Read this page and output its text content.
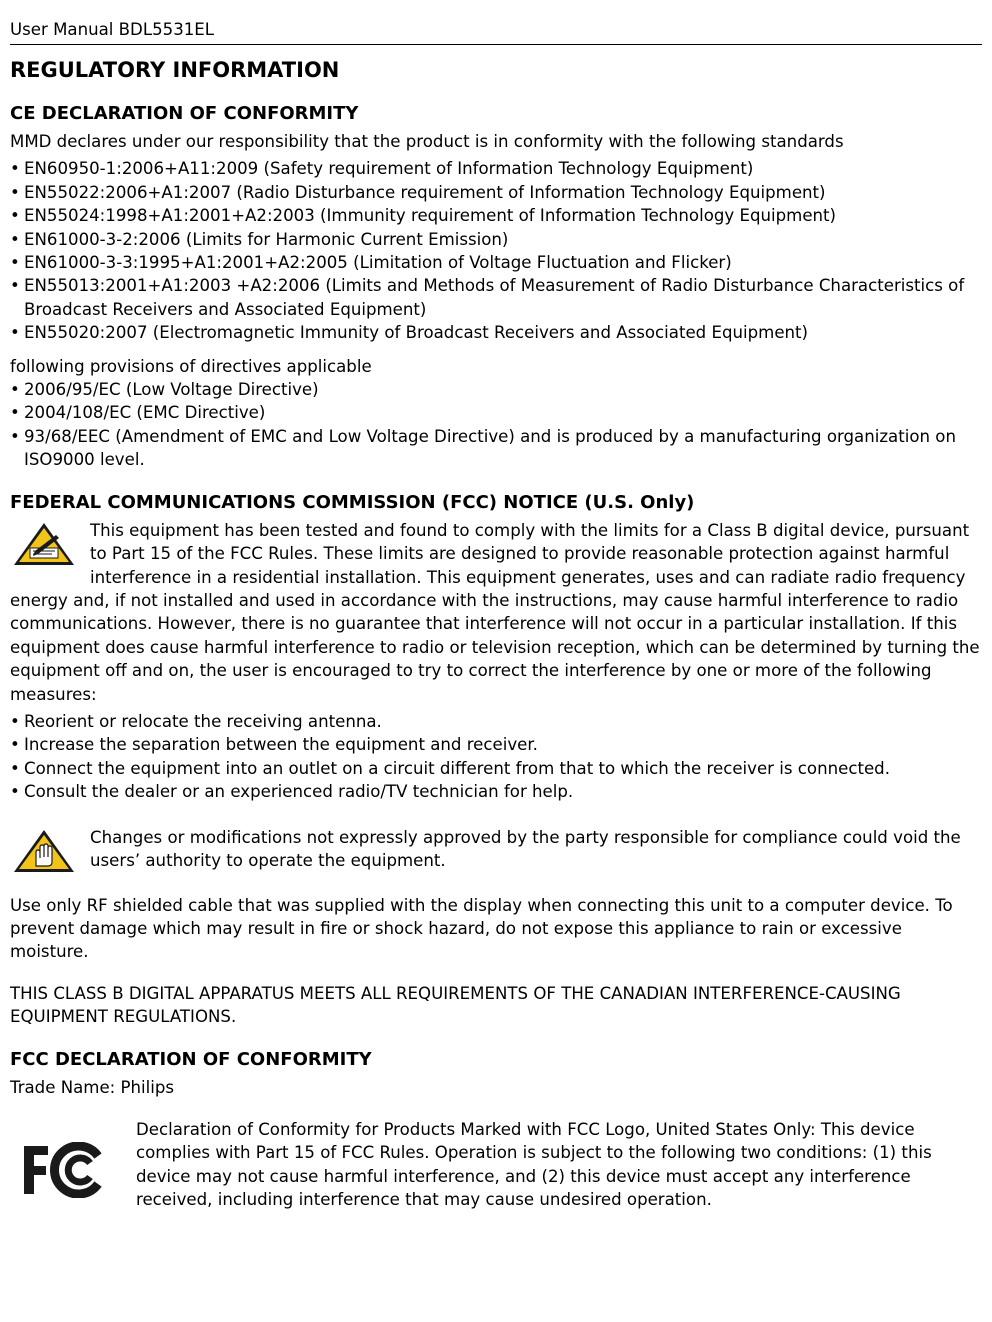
User Manual BDL5531EL
REGULATORY INFORMATION
CE DECLARATION OF CONFORMITY

MMD declares under our responsibility that the product is in conformity with the following standards

• EN60950-1:2006+A11:2009 (Safety requirement of Information Technology Equipment)
• EN55022:2006+A1:2007 (Radio Disturbance requirement of Information Technology Equipment)
• EN55024:1998+A1:2001+A2:2003 (Immunity requirement of Information Technology Equipment)
• EN61000-3-2:2006 (Limits for Harmonic Current Emission)
• EN61000-3-3:1995+A1:2001+A2:2005 (Limitation of Voltage Fluctuation and Flicker)
• EN55013:2001+A1:2003 +A2:2006 (Limits and Methods of Measurement of Radio Disturbance Characteristics of Broadcast Receivers and Associated Equipment)
• EN55020:2007 (Electromagnetic Immunity of Broadcast Receivers and Associated Equipment)

following provisions of directives applicable

• 2006/95/EC (Low Voltage Directive)
• 2004/108/EC (EMC Directive)
• 93/68/EEC (Amendment of EMC and Low Voltage Directive) and is produced by a manufacturing organization on ISO9000 level.
FEDERAL COMMUNICATIONS COMMISSION (FCC) NOTICE (U.S. Only)

This equipment has been tested and found to comply with the limits for a Class B digital device, pursuant to Part 15 of the FCC Rules. These limits are designed to provide reasonable protection against harmful interference in a residential installation. This equipment generates, uses and can radiate radio frequency energy and, if not installed and used in accordance with the instructions, may cause harmful interference to radio communications. However, there is no guarantee that interference will not occur in a particular installation. If this equipment does cause harmful interference to radio or television reception, which can be determined by turning the equipment off and on, the user is encouraged to try to correct the interference by one or more of the following measures:

• Reorient or relocate the receiving antenna.
• Increase the separation between the equipment and receiver.
• Connect the equipment into an outlet on a circuit different from that to which the receiver is connected.
• Consult the dealer or an experienced radio/TV technician for help.

Changes or modifications not expressly approved by the party responsible for compliance could void the users’ authority to operate the equipment.

Use only RF shielded cable that was supplied with the display when connecting this unit to a computer device. To prevent damage which may result in fire or shock hazard, do not expose this appliance to rain or excessive moisture.

THIS CLASS B DIGITAL APPARATUS MEETS ALL REQUIREMENTS OF THE CANADIAN INTERFERENCE-CAUSING EQUIPMENT REGULATIONS.

FCC DECLARATION OF CONFORMITY

Trade Name: Philips

Declaration of Conformity for Products Marked with FCC Logo, United States Only: This device complies with Part 15 of FCC Rules. Operation is subject to the following two conditions: (1) this device may not cause harmful interference, and (2) this device must accept any interference received, including interference that may cause undesired operation.
